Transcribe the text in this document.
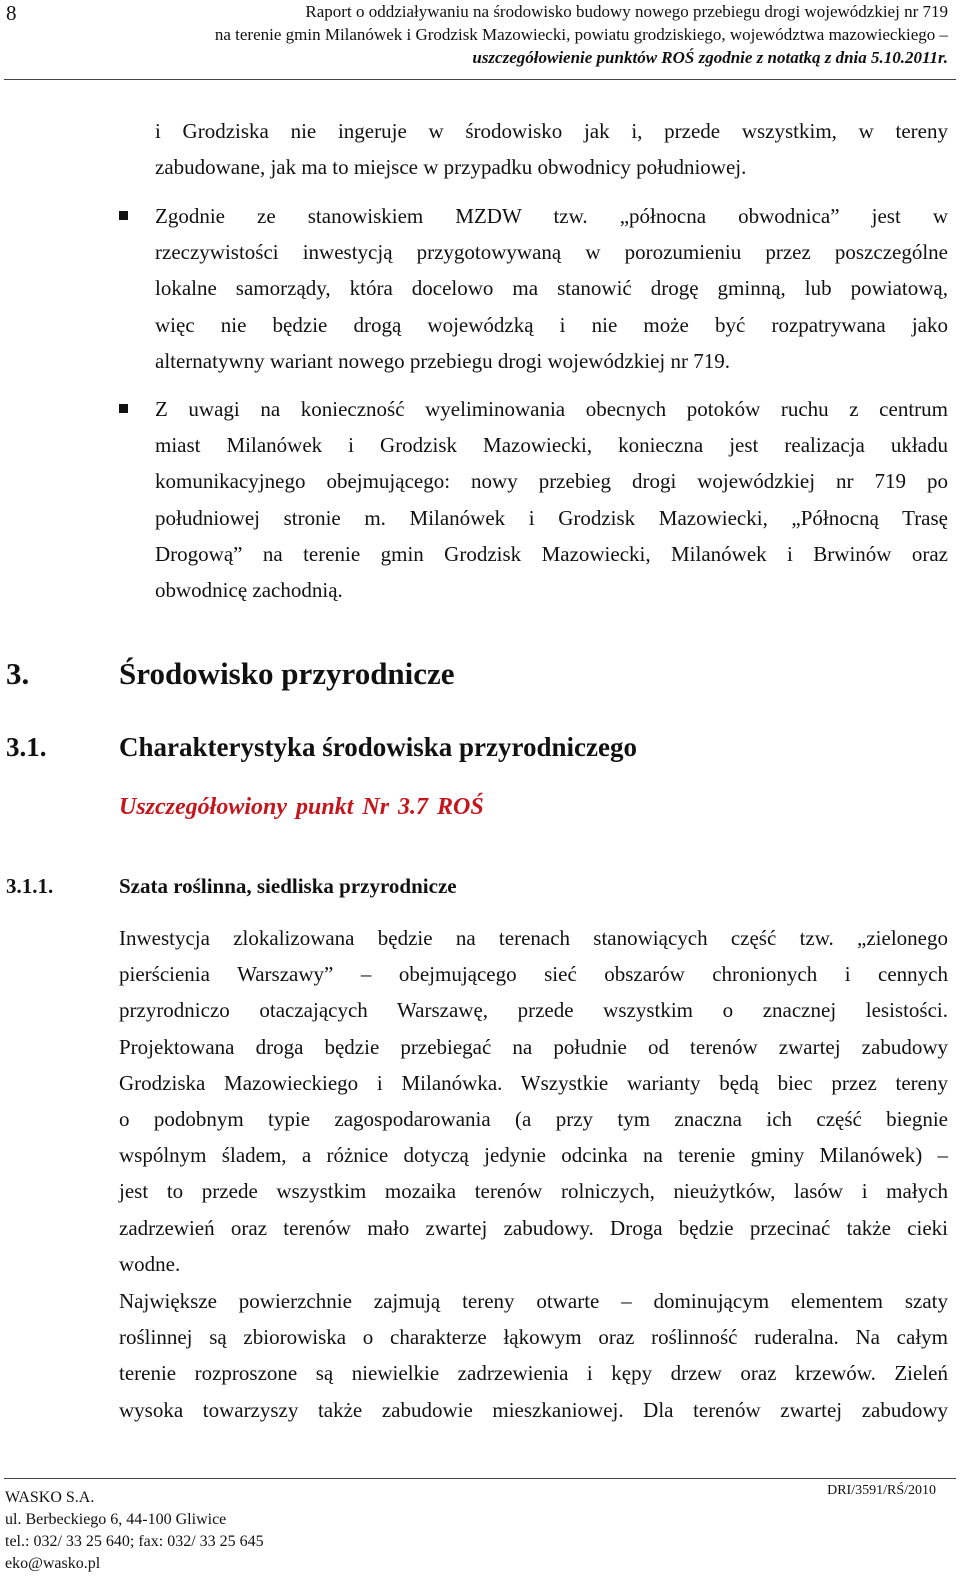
8	Raport o oddziaływaniu na środowisko budowy nowego przebiegu drogi wojewódzkiej nr 719
na terenie gmin Milanówek i Grodzisk Mazowiecki, powiatu grodziskiego, województwa mazowieckiego –
uszczegółowienie punktów ROŚ zgodnie z notatką z dnia 5.10.2011r.
i Grodziska nie ingeruje w środowisko jak i, przede wszystkim, w tereny
zabudowane, jak ma to miejsce w przypadku obwodnicy południowej.
Zgodnie ze stanowiskiem MZDW tzw. „północna obwodnica” jest w
rzeczywistości inwestycją przygotowywaną w porozumieniu przez poszczególne
lokalne samorządy, która docelowo ma stanowić drogę gminną, lub powiatową,
więc nie będzie drogą wojewódzką i nie może być rozpatrywana jako
alternatywny wariant nowego przebiegu drogi wojewódzkiej nr 719.
Z uwagi na konieczność wyeliminowania obecnych potoków ruchu z centrum
miast Milanówek i Grodzisk Mazowiecki, konieczna jest realizacja układu
komunikacyjnego obejmującego: nowy przebieg drogi wojewódzkiej nr 719 po
południowej stronie m. Milanówek i Grodzisk Mazowiecki, „Północną Trasę
Drogową” na terenie gmin Grodzisk Mazowiecki, Milanówek i Brwinów oraz
obwodnicę zachodnią.
3.	Środowisko przyrodnicze
3.1.	Charakterystyka środowiska przyrodniczego
Uszczegółowiony punkt Nr 3.7 ROŚ
3.1.1.	Szata roślinna, siedliska przyrodnicze
Inwestycja zlokalizowana będzie na terenach stanowiących część tzw. „zielonego
pierścienia Warszawy” – obejmującego sieć obszarów chronionych i cennych
przyrodniczo otaczających Warszawę, przede wszystkim o znacznej lesistości.
Projektowana droga będzie przebiegać na południe od terenów zwartej zabudowy
Grodziska Mazowieckiego i Milanówka. Wszystkie warianty będą biec przez tereny
o podobnym typie zagospodarowania (a przy tym znaczna ich część biegnie
wspólnym śladem, a różnice dotyczą jedynie odcinka na terenie gminy Milanówek) –
jest to przede wszystkim mozaika terenów rolniczych, nieużytków, lasów i małych
zadrzewień oraz terenów mało zwartej zabudowy. Droga będzie przecinać także cieki
wodne.
Największe powierzchnie zajmują tereny otwarte – dominującym elementem szaty
roślinnej są zbiorowiska o charakterze łąkowym oraz roślinność ruderalna. Na całym
terenie rozproszone są niewielkie zadrzewienia i kępy drzew oraz krzewów. Zieleń
wysoka towarzyszy także zabudowie mieszkaniowej. Dla terenów zwartej zabudowy
WASKO S.A.
ul. Berbeckiego 6, 44-100 Gliwice
tel.: 032/ 33 25 640; fax: 032/ 33 25 645
eko@wasko.pl
DRI/3591/RŚ/2010
